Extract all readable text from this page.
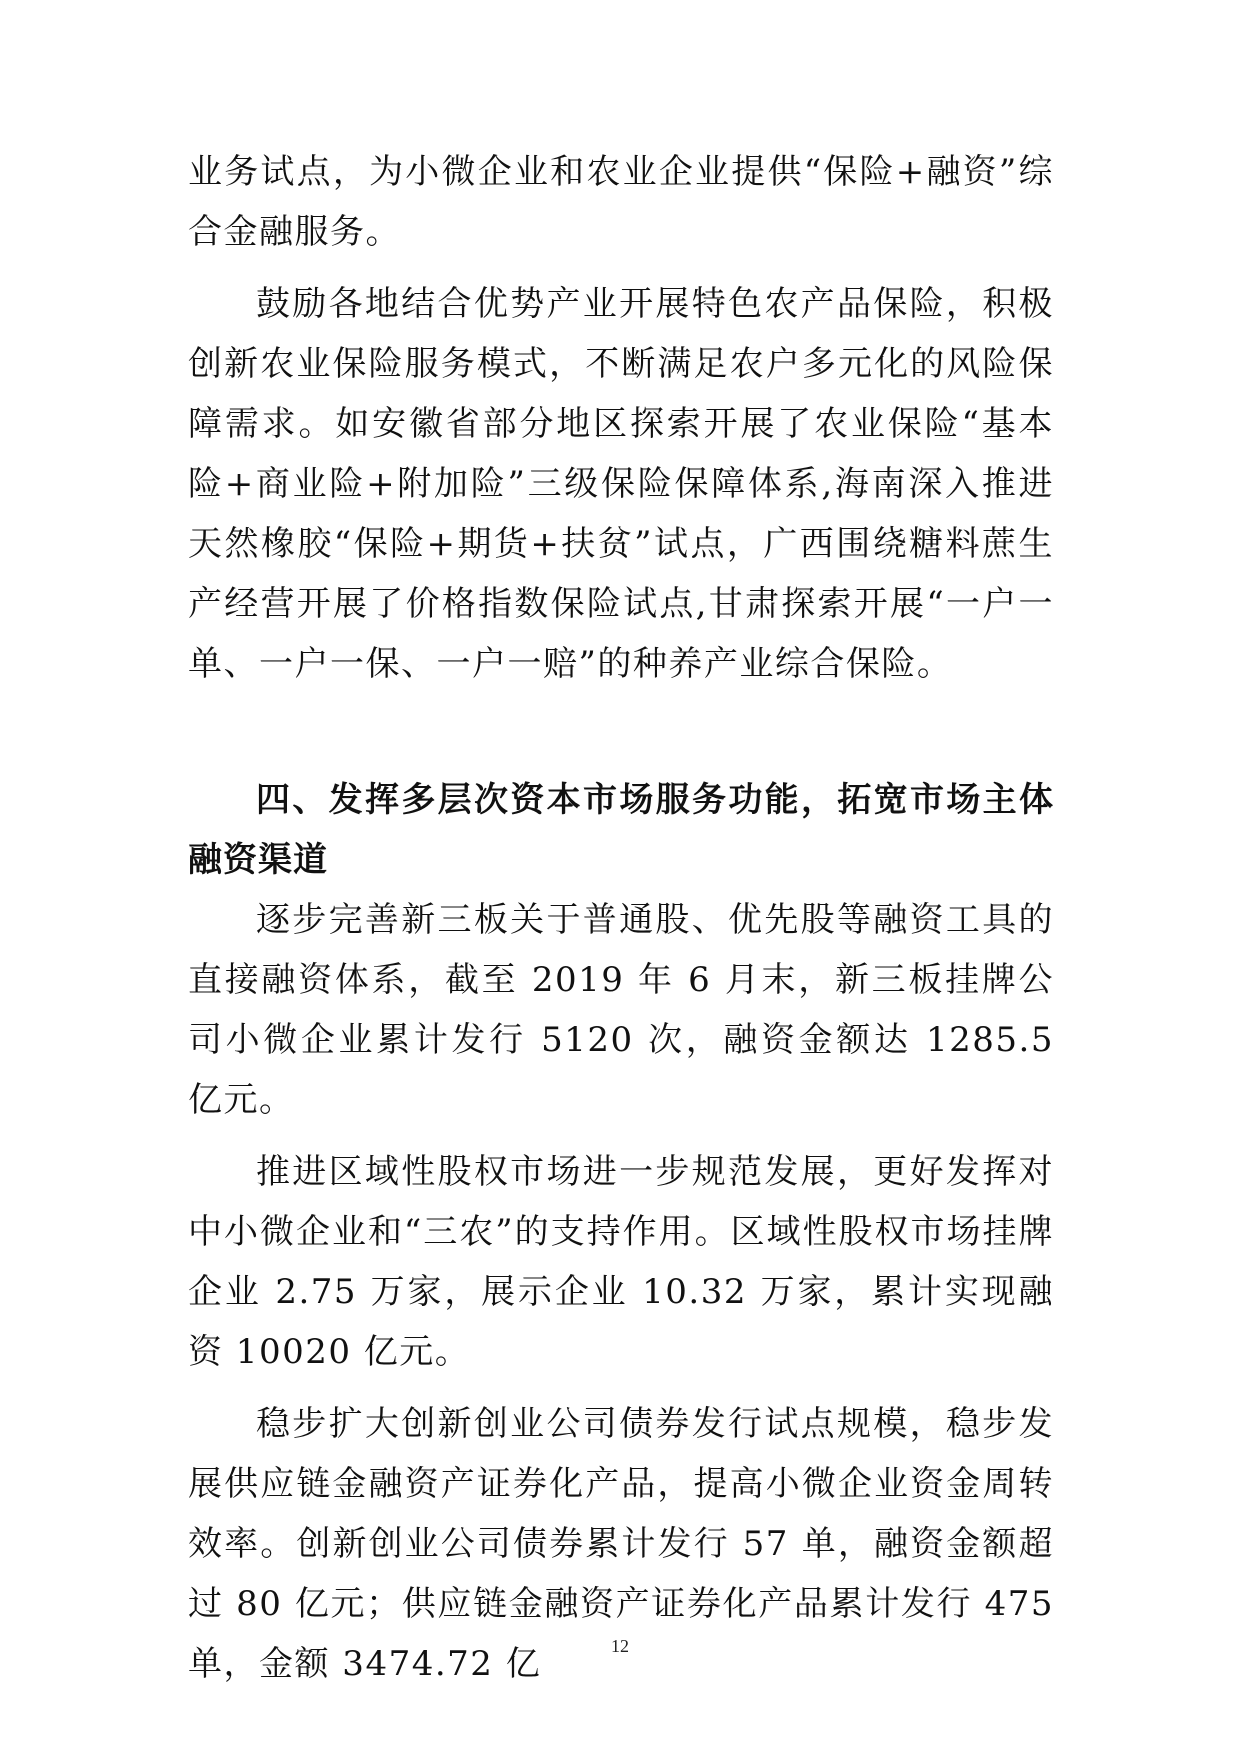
业务试点，为小微企业和农业企业提供“保险+融资”综合金融服务。

鼓励各地结合优势产业开展特色农产品保险，积极创新农业保险服务模式，不断满足农户多元化的风险保障需求。如安徽省部分地区探索开展了农业保险“基本险+商业险+附加险”三级保险保障体系,海南深入推进天然橡胶“保险+期货+扶贫”试点，广西围绕糖料蔗生产经营开展了价格指数保险试点,甘肃探索开展“一户一单、一户一保、一户一赔”的种养产业综合保险。

四、发挥多层次资本市场服务功能，拓宽市场主体融资渠道

逐步完善新三板关于普通股、优先股等融资工具的直接融资体系，截至 2019 年 6 月末，新三板挂牌公司小微企业累计发行 5120 次，融资金额达 1285.5 亿元。

推进区域性股权市场进一步规范发展，更好发挥对中小微企业和“三农”的支持作用。区域性股权市场挂牌企业 2.75 万家，展示企业 10.32 万家，累计实现融资 10020 亿元。

稳步扩大创新创业公司债券发行试点规模，稳步发展供应链金融资产证券化产品，提高小微企业资金周转效率。创新创业公司债券累计发行 57 单，融资金额超过 80 亿元；供应链金融资产证券化产品累计发行 475 单，金额 3474.72 亿	12
